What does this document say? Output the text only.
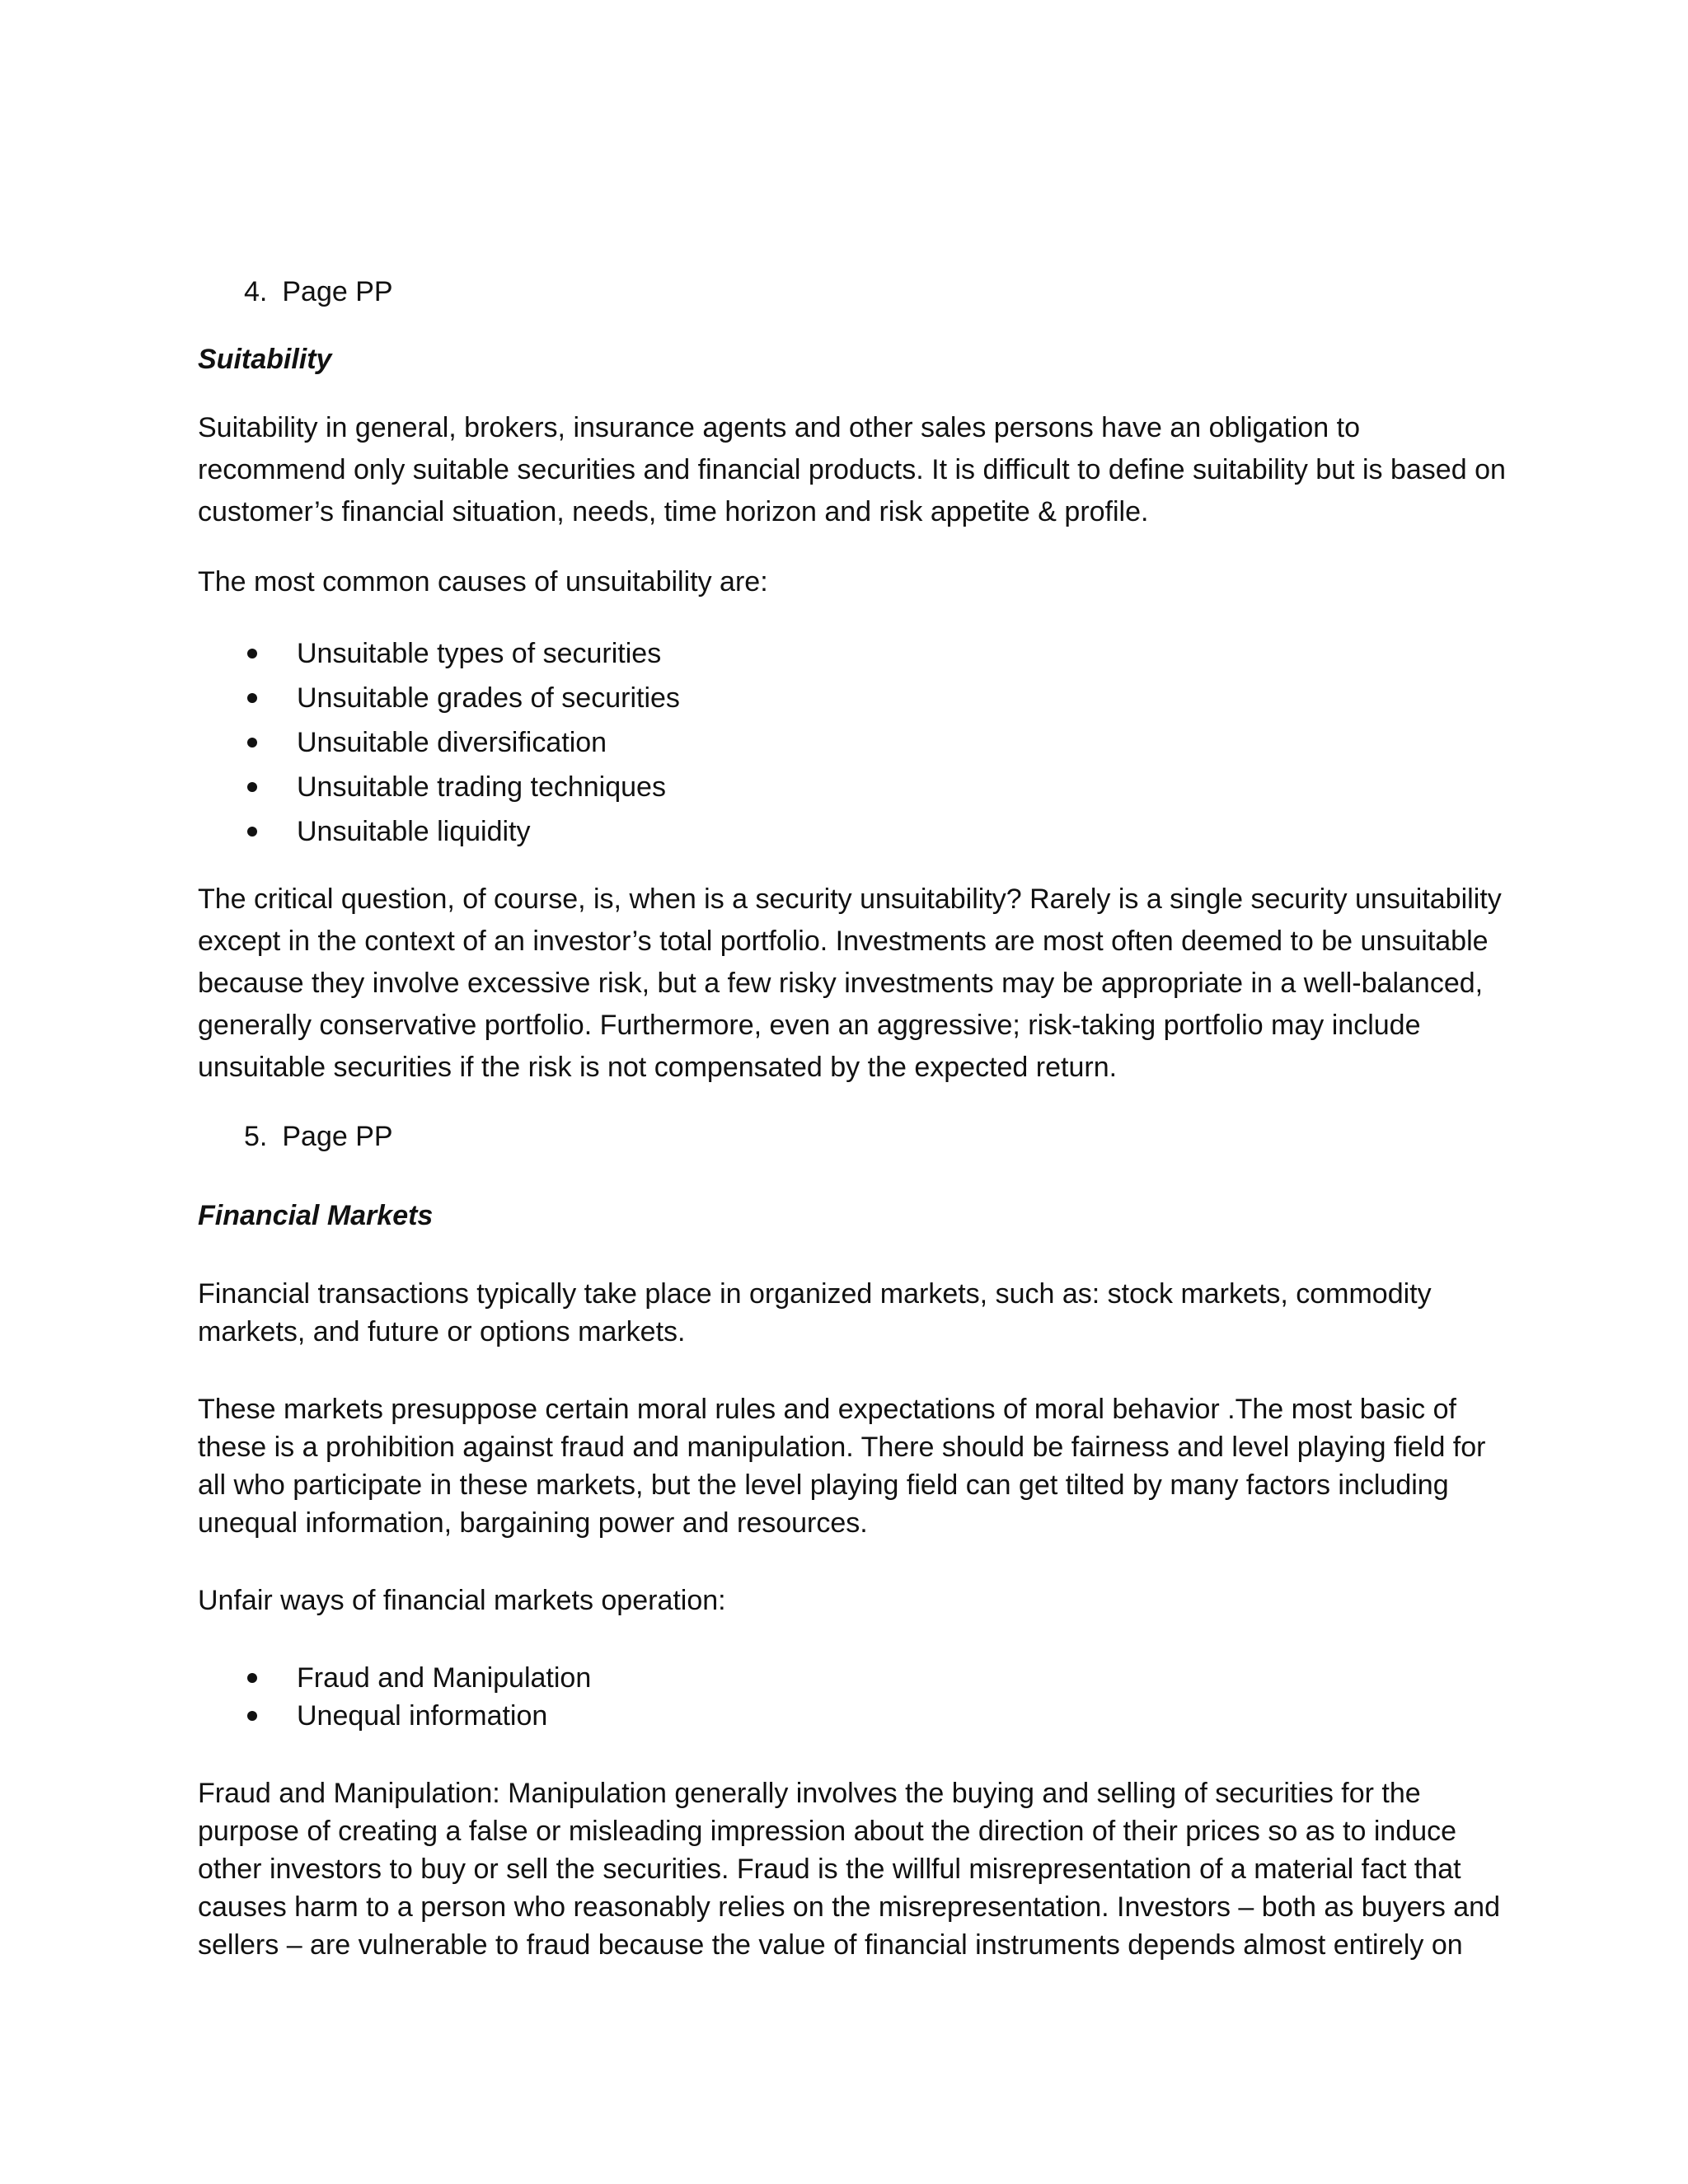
4. Page PP
Suitability

Suitability in general, brokers, insurance agents and other sales persons have an obligation to recommend only suitable securities and financial products. It is difficult to define suitability but is based on customer’s financial situation, needs, time horizon and risk appetite & profile.

The most common causes of unsuitability are:

Unsuitable types of securities
Unsuitable grades of securities
Unsuitable diversification
Unsuitable trading techniques
Unsuitable liquidity

The critical question, of course, is, when is a security unsuitability? Rarely is a single security unsuitability except in the context of an investor’s total portfolio. Investments are most often deemed to be unsuitable because they involve excessive risk, but a few risky investments may be appropriate in a well-balanced, generally conservative portfolio. Furthermore, even an aggressive; risk-taking portfolio may include unsuitable securities if the risk is not compensated by the expected return.

5. Page PP
Financial Markets

Financial transactions typically take place in organized markets, such as: stock markets, commodity markets, and future or options markets.

These markets presuppose certain moral rules and expectations of moral behavior .The most basic of these is a prohibition against fraud and manipulation. There should be fairness and level playing field for all who participate in these markets, but the level playing field can get tilted by many factors including unequal information, bargaining power and resources.

Unfair ways of financial markets operation:

Fraud and Manipulation
Unequal information

Fraud and Manipulation: Manipulation generally involves the buying and selling of securities for the purpose of creating a false or misleading impression about the direction of their prices so as to induce other investors to buy or sell the securities. Fraud is the willful misrepresentation of a material fact that causes harm to a person who reasonably relies on the misrepresentation. Investors – both as buyers and sellers – are vulnerable to fraud because the value of financial instruments depends almost entirely on
